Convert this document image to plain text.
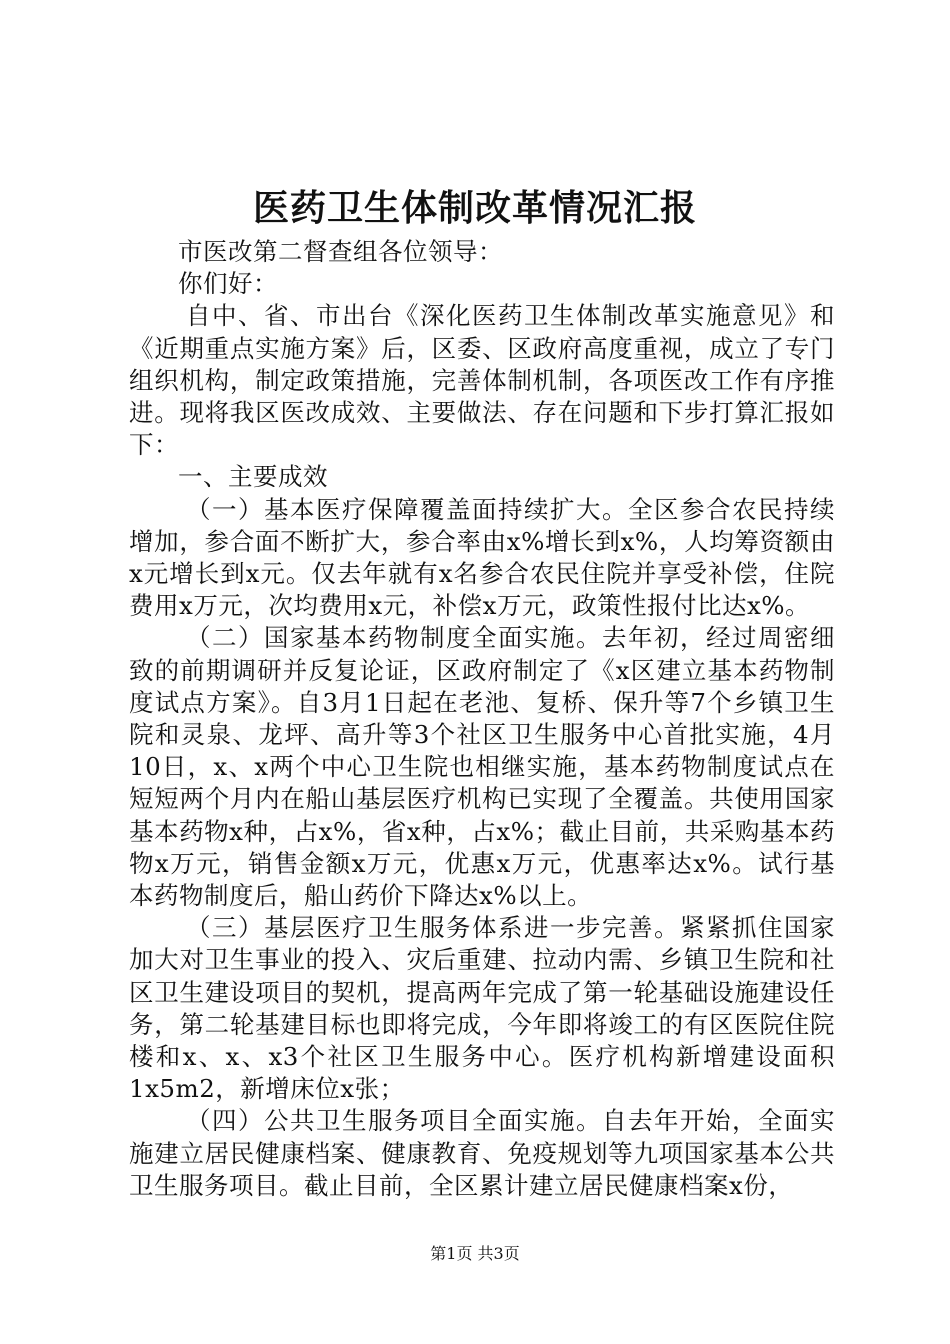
医药卫生体制改革情况汇报

市医改第二督查组各位领导：

你们好：

自中、省、市出台《深化医药卫生体制改革实施意见》和《近期重点实施方案》后，区委、区政府高度重视，成立了专门组织机构，制定政策措施，完善体制机制，各项医改工作有序推进。现将我区医改成效、主要做法、存在问题和下步打算汇报如下：

一、主要成效

（一）基本医疗保障覆盖面持续扩大。全区参合农民持续增加，参合面不断扩大，参合率由x%增长到x%，人均筹资额由x元增长到x元。仅去年就有x名参合农民住院并享受补偿，住院费用x万元，次均费用x元，补偿x万元，政策性报付比达x%。

（二）国家基本药物制度全面实施。去年初，经过周密细致的前期调研并反复论证，区政府制定了《x区建立基本药物制度试点方案》。自3月1日起在老池、复桥、保升等7个乡镇卫生院和灵泉、龙坪、高升等3个社区卫生服务中心首批实施，4月10日，x、x两个中心卫生院也相继实施，基本药物制度试点在短短两个月内在船山基层医疗机构已实现了全覆盖。共使用国家基本药物x种，占x%，省x种，占x%；截止目前，共采购基本药物x万元，销售金额x万元，优惠x万元，优惠率达x%。试行基本药物制度后，船山药价下降达x%以上。

（三）基层医疗卫生服务体系进一步完善。紧紧抓住国家加大对卫生事业的投入、灾后重建、拉动内需、乡镇卫生院和社区卫生建设项目的契机，提高两年完成了第一轮基础设施建设任务，第二轮基建目标也即将完成，今年即将竣工的有区医院住院楼和x、x、x3个社区卫生服务中心。医疗机构新增建设面积1x5m2，新增床位x张；

（四）公共卫生服务项目全面实施。自去年开始，全面实施建立居民健康档案、健康教育、免疫规划等九项国家基本公共卫生服务项目。截止目前，全区累计建立居民健康档案x份，

第1页 共3页
